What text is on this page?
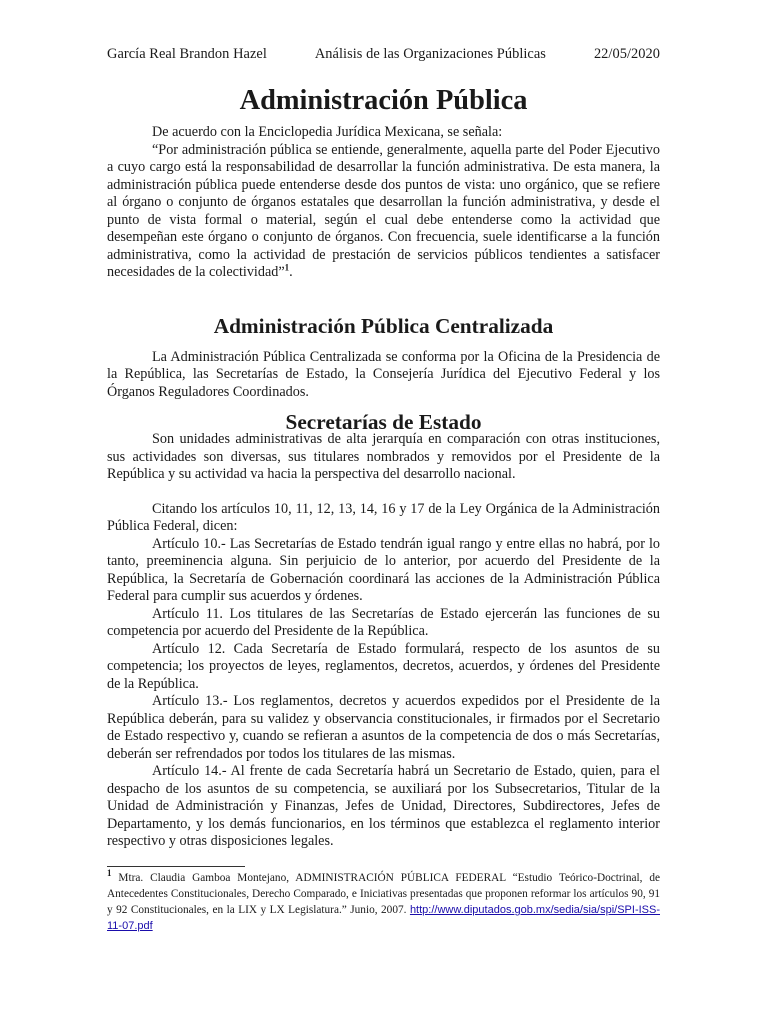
García Real Brandon Hazel	Análisis de las Organizaciones Públicas	22/05/2020
Administración Pública

De acuerdo con la Enciclopedia Jurídica Mexicana, se señala:

“Por administración pública se entiende, generalmente, aquella parte del Poder Ejecutivo a cuyo cargo está la responsabilidad de desarrollar la función administrativa. De esta manera, la administración pública puede entenderse desde dos puntos de vista: uno orgánico, que se refiere al órgano o conjunto de órganos estatales que desarrollan la función administrativa, y desde el punto de vista formal o material, según el cual debe entenderse como la actividad que desempeñan este órgano o conjunto de órganos. Con frecuencia, suele identificarse a la función administrativa, como la actividad de prestación de servicios públicos tendientes a satisfacer necesidades de la colectividad”$^1$.

Administración Pública Centralizada

La Administración Pública Centralizada se conforma por la Oficina de la Presidencia de la República, las Secretarías de Estado, la Consejería Jurídica del Ejecutivo Federal y los Órganos Reguladores Coordinados.

Secretarías de Estado

Son unidades administrativas de alta jerarquía en comparación con otras instituciones, sus actividades son diversas, sus titulares nombrados y removidos por el Presidente de la República y su actividad va hacia la perspectiva del desarrollo nacional.

Citando los artículos 10, 11, 12, 13, 14, 16 y 17 de la Ley Orgánica de la Administración Pública Federal, dicen:

Artículo 10.- Las Secretarías de Estado tendrán igual rango y entre ellas no habrá, por lo tanto, preeminencia alguna. Sin perjuicio de lo anterior, por acuerdo del Presidente de la República, la Secretaría de Gobernación coordinará las acciones de la Administración Pública Federal para cumplir sus acuerdos y órdenes.

Artículo 11. Los titulares de las Secretarías de Estado ejercerán las funciones de su competencia por acuerdo del Presidente de la República.

Artículo 12. Cada Secretaría de Estado formulará, respecto de los asuntos de su competencia; los proyectos de leyes, reglamentos, decretos, acuerdos, y órdenes del Presidente de la República.

Artículo 13.- Los reglamentos, decretos y acuerdos expedidos por el Presidente de la República deberán, para su validez y observancia constitucionales, ir firmados por el Secretario de Estado respectivo y, cuando se refieran a asuntos de la competencia de dos o más Secretarías, deberán ser refrendados por todos los titulares de las mismas.

Artículo 14.- Al frente de cada Secretaría habrá un Secretario de Estado, quien, para el despacho de los asuntos de su competencia, se auxiliará por los Subsecretarios, Titular de la Unidad de Administración y Finanzas, Jefes de Unidad, Directores, Subdirectores, Jefes de Departamento, y los demás funcionarios, en los términos que establezca el reglamento interior respectivo y otras disposiciones legales.

$^1$ Mtra. Claudia Gamboa Montejano, ADMINISTRACIÓN PÚBLICA FEDERAL “Estudio Teórico-Doctrinal, de Antecedentes Constitucionales, Derecho Comparado, e Iniciativas presentadas que proponen reformar los artículos 90, 91 y 92 Constitucionales, en la LIX y LX Legislatura.” Junio, 2007. http://www.diputados.gob.mx/sedia/sia/spi/SPI-ISS-11-07.pdf
